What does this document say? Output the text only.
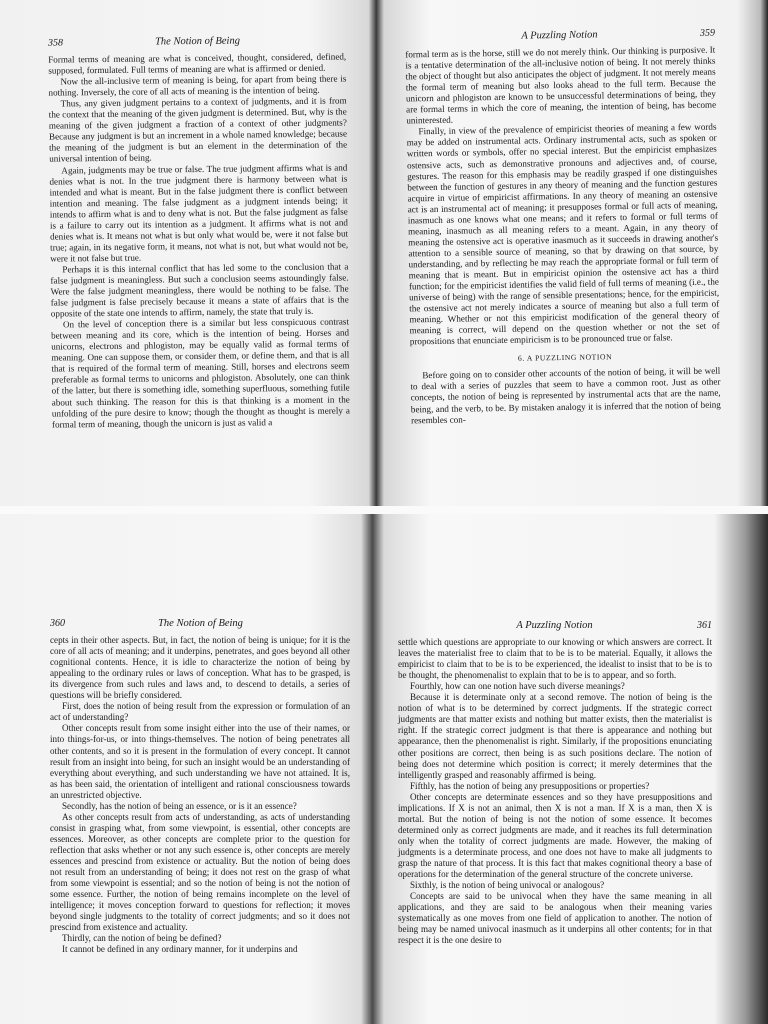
358	The Notion of Being

Formal terms of meaning are what is conceived, thought, considered, defined, supposed, formulated. Full terms of meaning are what is affirmed or denied.

Now the all-inclusive term of meaning is being, for apart from being there is nothing. Inversely, the core of all acts of meaning is the intention of being.

Thus, any given judgment pertains to a context of judgments, and it is from the context that the meaning of the given judgment is determined. But, why is the meaning of the given judgment a fraction of a context of other judgments? Because any judgment is but an increment in a whole named knowledge; because the meaning of the judgment is but an element in the determination of the universal intention of being.

Again, judgments may be true or false. The true judgment affirms what is and denies what is not. In the true judgment there is harmony between what is intended and what is meant. But in the false judgment there is conflict between intention and meaning. The false judgment as a judgment intends being; it intends to affirm what is and to deny what is not. But the false judgment as false is a failure to carry out its intention as a judgment. It affirms what is not and denies what is. It means not what is but only what would be, were it not false but true; again, in its negative form, it means, not what is not, but what would not be, were it not false but true.

Perhaps it is this internal conflict that has led some to the conclusion that a false judgment is meaningless. But such a conclusion seems astoundingly false. Were the false judgment meaningless, there would be nothing to be false. The false judgment is false precisely because it means a state of affairs that is the opposite of the state one intends to affirm, namely, the state that truly is.

On the level of conception there is a similar but less conspicuous contrast between meaning and its core, which is the intention of being. Horses and unicorns, electrons and phlogiston, may be equally valid as formal terms of meaning. One can suppose them, or consider them, or define them, and that is all that is required of the formal term of meaning. Still, horses and electrons seem preferable as formal terms to unicorns and phlogiston. Absolutely, one can think of the latter, but there is something idle, something superfluous, something futile about such thinking. The reason for this is that thinking is a moment in the unfolding of the pure desire to know; though the thought as thought is merely a formal term of meaning, though the unicorn is just as valid a

A Puzzling Notion	359

formal term as is the horse, still we do not merely think. Our thinking is purposive. It is a tentative determination of the all-inclusive notion of being. It not merely thinks the object of thought but also anticipates the object of judgment. It not merely means the formal term of meaning but also looks ahead to the full term. Because the unicorn and phlogiston are known to be unsuccessful determinations of being, they are formal terms in which the core of meaning, the intention of being, has become uninterested.

Finally, in view of the prevalence of empiricist theories of meaning a few words may be added on instrumental acts. Ordinary instrumental acts, such as spoken or written words or symbols, offer no special interest. But the empiricist emphasizes ostensive acts, such as demonstrative pronouns and adjectives and, of course, gestures. The reason for this emphasis may be readily grasped if one distinguishes between the function of gestures in any theory of meaning and the function gestures acquire in virtue of empiricist affirmations. In any theory of meaning an ostensive act is an instrumental act of meaning; it presupposes formal or full acts of meaning, inasmuch as one knows what one means; and it refers to formal or full terms of meaning, inasmuch as all meaning refers to a meant. Again, in any theory of meaning the ostensive act is operative inasmuch as it succeeds in drawing another's attention to a sensible source of meaning, so that by drawing on that source, by understanding, and by reflecting he may reach the appropriate formal or full term of meaning that is meant. But in empiricist opinion the ostensive act has a third function; for the empiricist identifies the valid field of full terms of meaning (i.e., the universe of being) with the range of sensible presentations; hence, for the empiricist, the ostensive act not merely indicates a source of meaning but also a full term of meaning. Whether or not this empiricist modification of the general theory of meaning is correct, will depend on the question whether or not the set of propositions that enunciate empiricism is to be pronounced true or false.

6. A PUZZLING NOTION

Before going on to consider other accounts of the notion of being, it will be well to deal with a series of puzzles that seem to have a common root. Just as other concepts, the notion of being is represented by instrumental acts that are the name, being, and the verb, to be. By mistaken analogy it is inferred that the notion of being resembles con-

360	The Notion of Being

cepts in their other aspects. But, in fact, the notion of being is unique; for it is the core of all acts of meaning; and it underpins, penetrates, and goes beyond all other cognitional contents. Hence, it is idle to characterize the notion of being by appealing to the ordinary rules or laws of conception. What has to be grasped, is its divergence from such rules and laws and, to descend to details, a series of questions will be briefly considered.

First, does the notion of being result from the expression or formulation of an act of understanding?

Other concepts result from some insight either into the use of their names, or into things-for-us, or into things-themselves. The notion of being penetrates all other contents, and so it is present in the formulation of every concept. It cannot result from an insight into being, for such an insight would be an understanding of everything about everything, and such understanding we have not attained. It is, as has been said, the orientation of intelligent and rational consciousness towards an unrestricted objective.

Secondly, has the notion of being an essence, or is it an essence?

As other concepts result from acts of understanding, as acts of understanding consist in grasping what, from some viewpoint, is essential, other concepts are essences. Moreover, as other concepts are complete prior to the question for reflection that asks whether or not any such essence is, other concepts are merely essences and prescind from existence or actuality. But the notion of being does not result from an understanding of being; it does not rest on the grasp of what from some viewpoint is essential; and so the notion of being is not the notion of some essence. Further, the notion of being remains incomplete on the level of intelligence; it moves conception forward to questions for reflection; it moves beyond single judgments to the totality of correct judgments; and so it does not prescind from existence and actuality.

Thirdly, can the notion of being be defined?

It cannot be defined in any ordinary manner, for it underpins and

A Puzzling Notion	361

settle which questions are appropriate to our knowing or which answers are correct. It leaves the materialist free to claim that to be is to be material. Equally, it allows the empiricist to claim that to be is to be experienced, the idealist to insist that to be is to be thought, the phenomenalist to explain that to be is to appear, and so forth.

Fourthly, how can one notion have such diverse meanings?

Because it is determinate only at a second remove. The notion of being is the notion of what is to be determined by correct judgments. If the strategic correct judgments are that matter exists and nothing but matter exists, then the materialist is right. If the strategic correct judgment is that there is appearance and nothing but appearance, then the phenomenalist is right. Similarly, if the propositions enunciating other positions are correct, then being is as such positions declare. The notion of being does not determine which position is correct; it merely determines that the intelligently grasped and reasonably affirmed is being.

Fifthly, has the notion of being any presuppositions or properties?

Other concepts are determinate essences and so they have presuppositions and implications. If X is not an animal, then X is not a man. If X is a man, then X is mortal. But the notion of being is not the notion of some essence. It becomes determined only as correct judgments are made, and it reaches its full determination only when the totality of correct judgments are made. However, the making of judgments is a determinate process, and one does not have to make all judgments to grasp the nature of that process. It is this fact that makes cognitional theory a base of operations for the determination of the general structure of the concrete universe.

Sixthly, is the notion of being univocal or analogous?

Concepts are said to be univocal when they have the same meaning in all applications, and they are said to be analogous when their meaning varies systematically as one moves from one field of application to another. The notion of being may be named univocal inasmuch as it underpins all other contents; for in that respect it is the one desire to
